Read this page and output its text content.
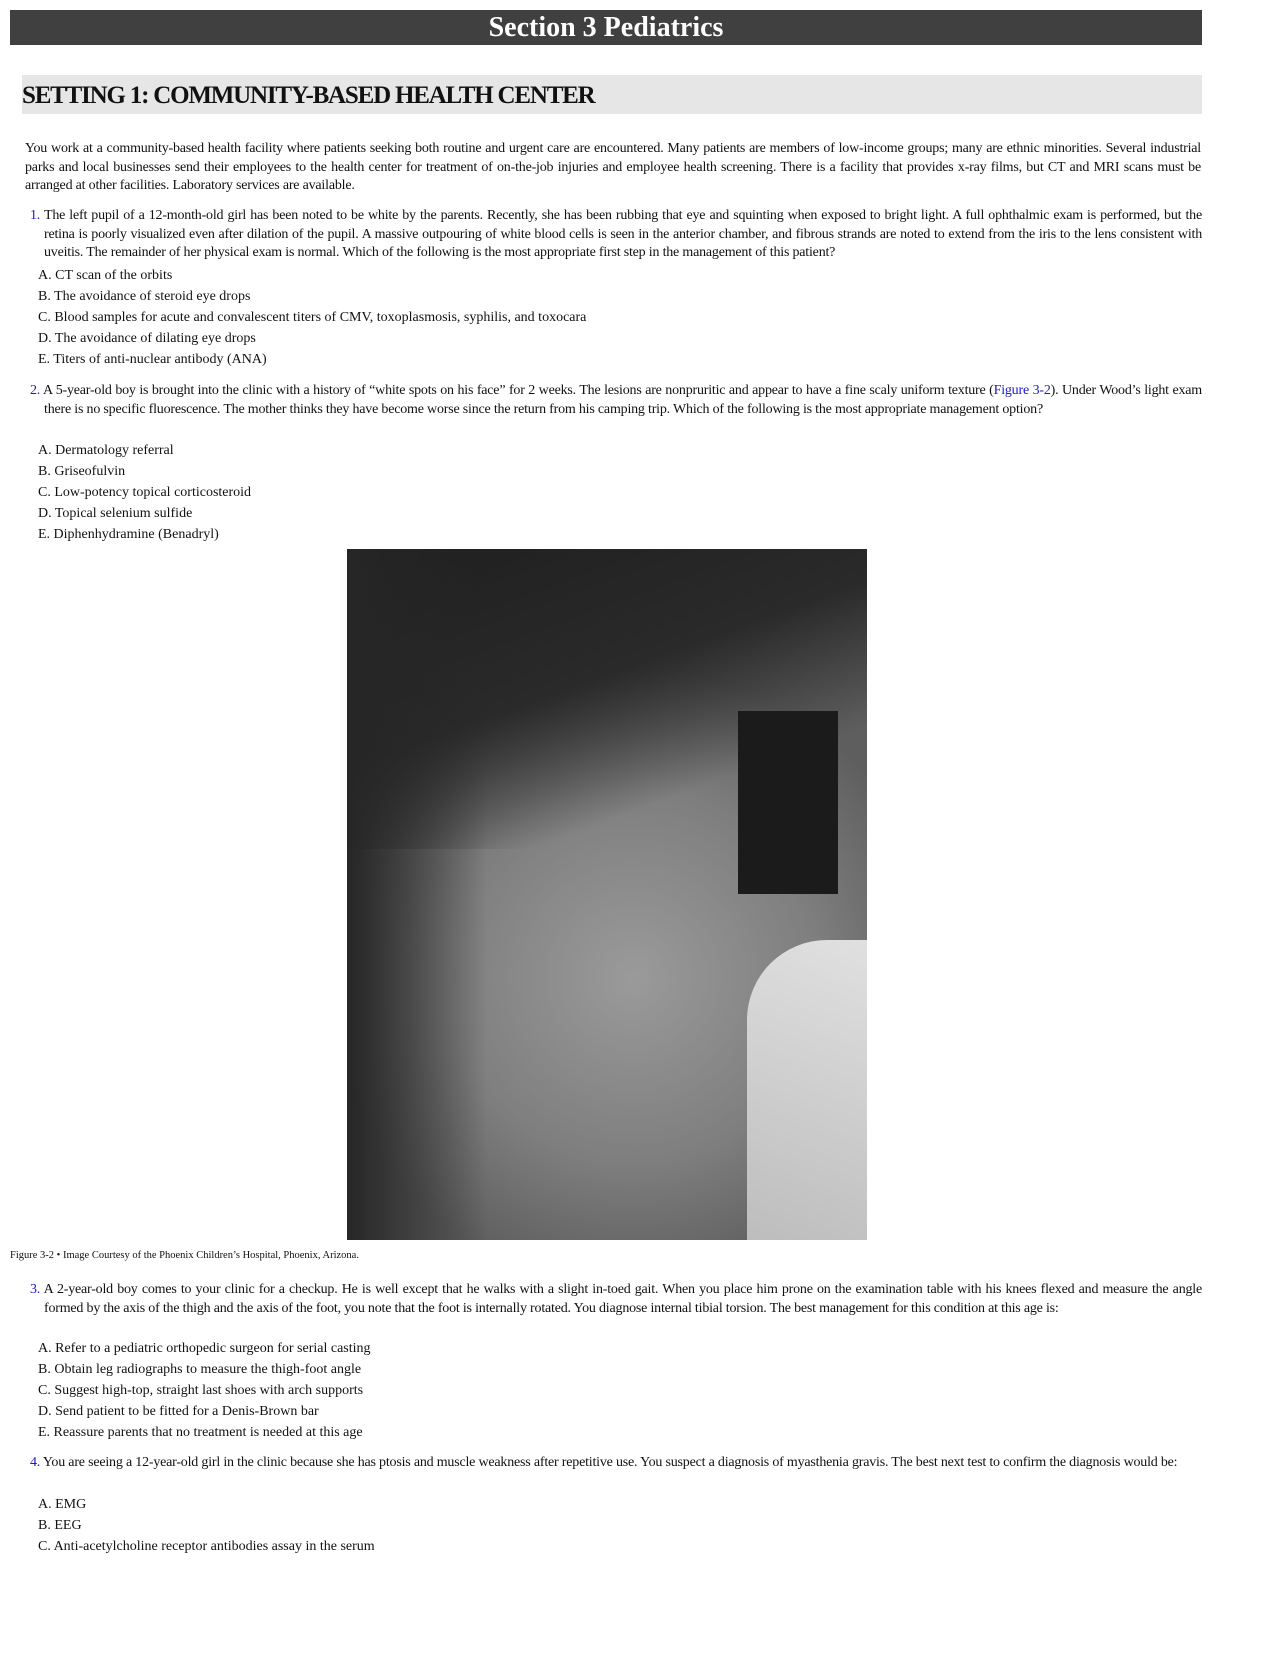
Section 3 Pediatrics
SETTING 1: COMMUNITY-BASED HEALTH CENTER
You work at a community-based health facility where patients seeking both routine and urgent care are encountered. Many patients are members of low-income groups; many are ethnic minorities. Several industrial parks and local businesses send their employees to the health center for treatment of on-the-job injuries and employee health screening. There is a facility that provides x-ray films, but CT and MRI scans must be arranged at other facilities. Laboratory services are available.
1. The left pupil of a 12-month-old girl has been noted to be white by the parents. Recently, she has been rubbing that eye and squinting when exposed to bright light. A full ophthalmic exam is performed, but the retina is poorly visualized even after dilation of the pupil. A massive outpouring of white blood cells is seen in the anterior chamber, and fibrous strands are noted to extend from the iris to the lens consistent with uveitis. The remainder of her physical exam is normal. Which of the following is the most appropriate first step in the management of this patient?
A. CT scan of the orbits
B. The avoidance of steroid eye drops
C. Blood samples for acute and convalescent titers of CMV, toxoplasmosis, syphilis, and toxocara
D. The avoidance of dilating eye drops
E. Titers of anti-nuclear antibody (ANA)
2. A 5-year-old boy is brought into the clinic with a history of “white spots on his face” for 2 weeks. The lesions are nonpruritic and appear to have a fine scaly uniform texture (Figure 3-2). Under Wood’s light exam there is no specific fluorescence. The mother thinks they have become worse since the return from his camping trip. Which of the following is the most appropriate management option?
A. Dermatology referral
B. Griseofulvin
C. Low-potency topical corticosteroid
D. Topical selenium sulfide
E. Diphenhydramine (Benadryl)
Figure 3-2 • Image Courtesy of the Phoenix Children’s Hospital, Phoenix, Arizona.
3. A 2-year-old boy comes to your clinic for a checkup. He is well except that he walks with a slight in-toed gait. When you place him prone on the examination table with his knees flexed and measure the angle formed by the axis of the thigh and the axis of the foot, you note that the foot is internally rotated. You diagnose internal tibial torsion. The best management for this condition at this age is:
A. Refer to a pediatric orthopedic surgeon for serial casting
B. Obtain leg radiographs to measure the thigh-foot angle
C. Suggest high-top, straight last shoes with arch supports
D. Send patient to be fitted for a Denis-Brown bar
E. Reassure parents that no treatment is needed at this age
4. You are seeing a 12-year-old girl in the clinic because she has ptosis and muscle weakness after repetitive use. You suspect a diagnosis of myasthenia gravis. The best next test to confirm the diagnosis would be:
A. EMG
B. EEG
C. Anti-acetylcholine receptor antibodies assay in the serum
